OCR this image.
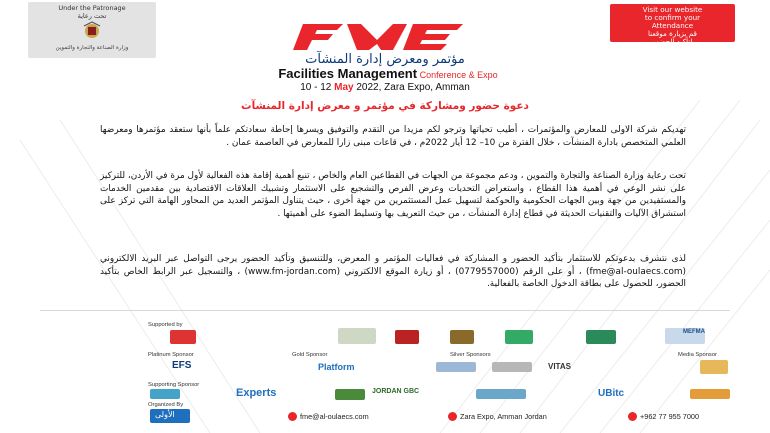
Under the Patronage
تحت رعاية
وزارة الصناعة والتجارة والتموين
Visit our website
to confirm your
Attendance
قم بزيارة موقعنا
لتأكيد الحضور
مؤتمر ومعرض إدارة المنشآت
Facilities Management Conference & Expo
10 - 12 May 2022, Zara Expo, Amman
دعوة حضور ومشاركة في مؤتمر و معرض إدارة المنشآت
تهديكم شركة الاولى للمعارض والمؤتمرات ، أطيب تحياتها وترجو لكم مزيدا من التقدم والتوفيق ويسرها إحاطة سعادتكم علماً بأنها ستعقد مؤتمرها ومعرضها العلمي المتخصص بادارة المنشآت ، خلال الفترة من 10– 12 أيار 2022م ، في قاعات مبنى زارا للمعارض في العاصمة عمان .
تحت رعاية وزارة الصناعة والتجارة والتموين ، ودعم مجموعة من الجهات في القطاعين العام والخاص ، تنبع أهمية إقامة هذه الفعالية لأول مرة في الأردن، للتركيز على نشر الوعي في أهمية هذا القطاع ، واستعراض التحديات وعرض الفرص والتشجيع على الاستثمار وتشبيك العلاقات الاقتصادية بين مقدمين الخدمات والمستفيدين من جهة وبين الجهات الحكومية والحوكمة لتسهيل عمل المستثمرين من جهة أخرى ، حيث يتناول المؤتمر العديد من المحاور الهامة التي تركز على استشراق الآليات والتقنيات الحديثة في قطاع إدارة المنشآت ، من حيث التعريف بها وتسليط الضوء على أهميتها .
لذى نتشرف بدعوتكم للاستثمار بتأكيد الحضور و المشاركة في فعاليات المؤتمر و المعرض، وللتنسيق وتأكيد الحضور يرجى التواصل عبر البريد الالكتروني (fme@al-oulaecs.com) ، أو على الرقم (0779557000) ، أو زيارة الموقع الالكتروني (www.fm-jordan.com) ، والتسجيل عبر الرابط الخاص بتأكيد الحضور، للحصول على بطاقة الدخول الخاصة بالفعالية.
Supported by
MEFMA
Platinum Sponsor	Gold Sponsor	Silver Sponsors	Media Sponsor
EFS	Platform	VITAS
Supporting Sponsor
Experts	JORDAN GBC	UBitc
Organized By
الأولى	fme@al-oulaecs.com	Zara Expo, Amman Jordan	+962 77 955 7000
